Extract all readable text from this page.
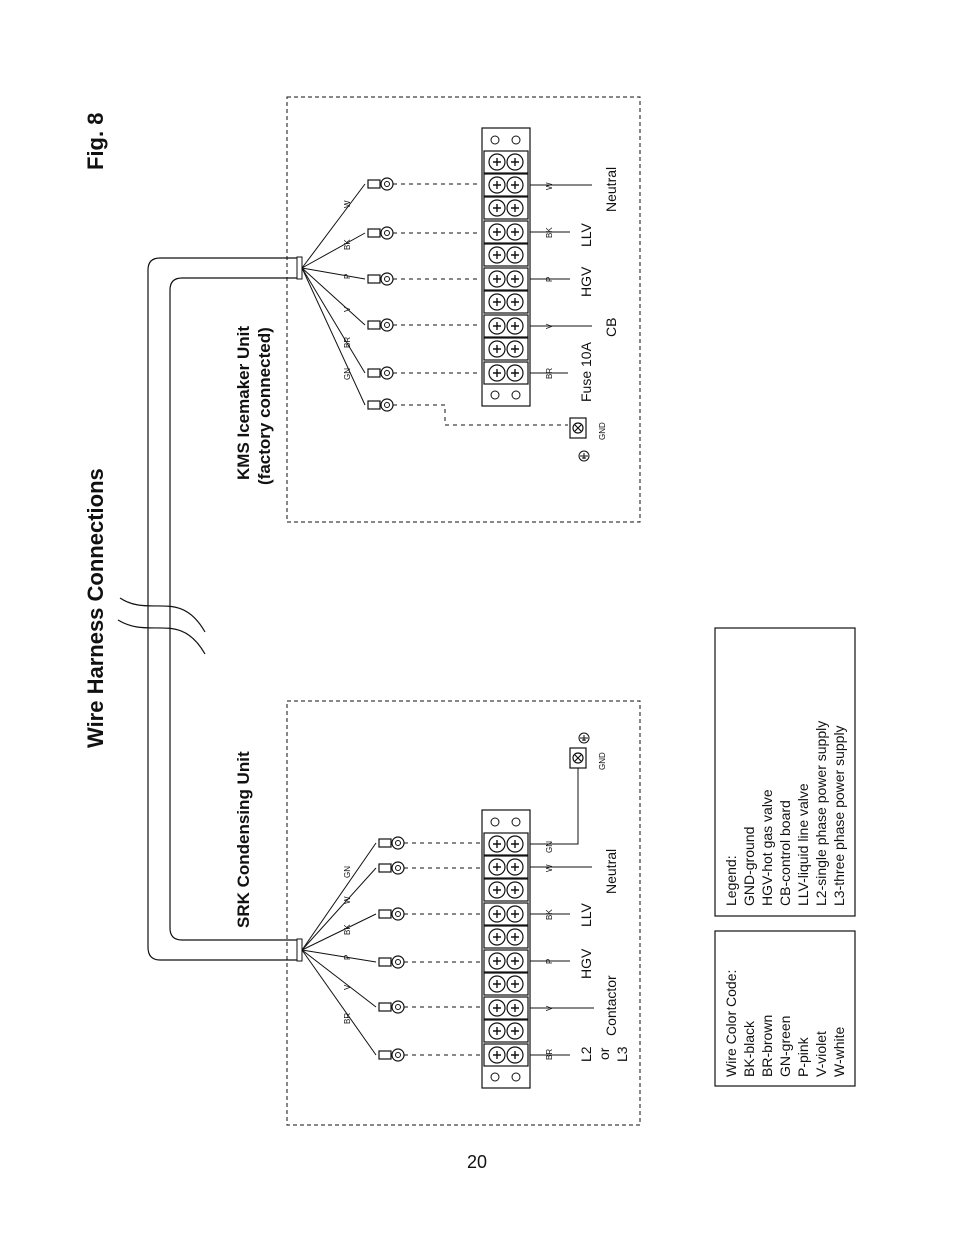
Wire Harness Connections
Fig. 8
KMS Icemaker Unit (factory connected)
W
BK
P
V
BR
GN
W
BK
P
V
BR
Neutral
LLV
HGV
CB
Fuse 10A
GND
SRK Condensing Unit	GN
W
BK
P
V
BR
GN
W
BK
P
V
BR
Neutral
LLV
HGV
Contactor
L2 or L3
GND
Legend: GND-ground HGV-hot gas valve CB-control board LLV-liquid line valve L2-single phase power supply L3-three phase power supply
Wire Color Code: BK-black BR-brown GN-green P-pink V-violet W-white
20
